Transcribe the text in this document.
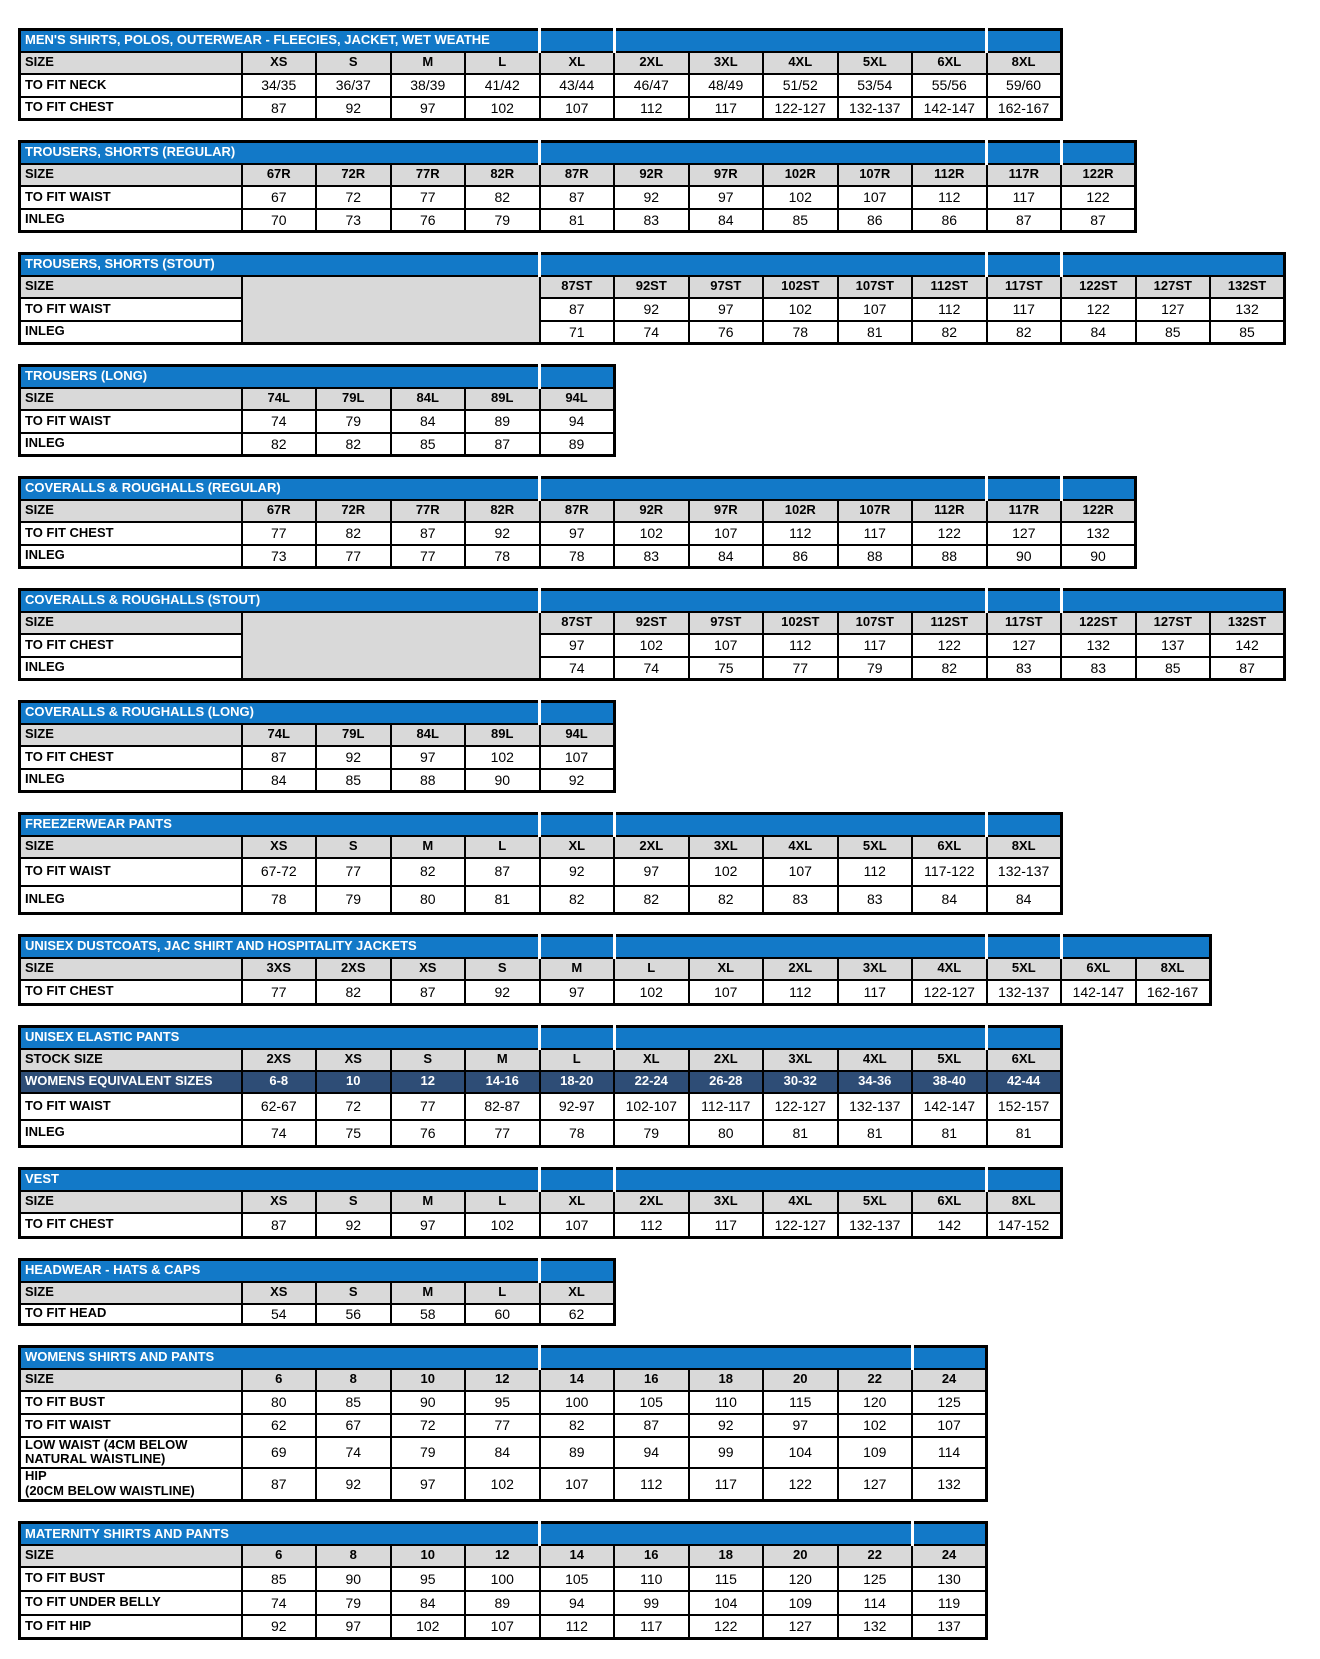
MEN'S SHIRTS, POLOS, OUTERWEAR - FLEECIES, JACKET, WET WEATHE											
SIZE	XS	S	M	L	XL	2XL	3XL	4XL	5XL	6XL	8XL
TO FIT NECK	34/35	36/37	38/39	41/42	43/44	46/47	48/49	51/52	53/54	55/56	59/60
TO FIT CHEST	87	92	97	102	107	112	117	122-127	132-137	142-147	162-167
TROUSERS, SHORTS (REGULAR)												
SIZE	67R	72R	77R	82R	87R	92R	97R	102R	107R	112R	117R	122R
TO FIT WAIST	67	72	77	82	87	92	97	102	107	112	117	122
INLEG	70	73	76	79	81	83	84	85	86	86	87	87
TROUSERS, SHORTS (STOUT)											
SIZE		87ST	92ST	97ST	102ST	107ST	112ST	117ST	122ST	127ST	132ST
TO FIT WAIST		87	92	97	102	107	112	117	122	127	132
INLEG		71	74	76	78	81	82	82	84	85	85
TROUSERS (LONG)					
SIZE	74L	79L	84L	89L	94L
TO FIT WAIST	74	79	84	89	94
INLEG	82	82	85	87	89
COVERALLS & ROUGHALLS (REGULAR)												
SIZE	67R	72R	77R	82R	87R	92R	97R	102R	107R	112R	117R	122R
TO FIT CHEST	77	82	87	92	97	102	107	112	117	122	127	132
INLEG	73	77	77	78	78	83	84	86	88	88	90	90
COVERALLS & ROUGHALLS (STOUT)											
SIZE		87ST	92ST	97ST	102ST	107ST	112ST	117ST	122ST	127ST	132ST
TO FIT CHEST		97	102	107	112	117	122	127	132	137	142
INLEG		74	74	75	77	79	82	83	83	85	87
COVERALLS & ROUGHALLS (LONG)					
SIZE	74L	79L	84L	89L	94L
TO FIT CHEST	87	92	97	102	107
INLEG	84	85	88	90	92
FREEZERWEAR PANTS											
SIZE	XS	S	M	L	XL	2XL	3XL	4XL	5XL	6XL	8XL
TO FIT WAIST	67-72	77	82	87	92	97	102	107	112	117-122	132-137
INLEG	78	79	80	81	82	82	82	83	83	84	84
UNISEX DUSTCOATS, JAC SHIRT AND HOSPITALITY JACKETS													
SIZE	3XS	2XS	XS	S	M	L	XL	2XL	3XL	4XL	5XL	6XL	8XL
TO FIT CHEST	77	82	87	92	97	102	107	112	117	122-127	132-137	142-147	162-167
UNISEX ELASTIC PANTS											
STOCK SIZE	2XS	XS	S	M	L	XL	2XL	3XL	4XL	5XL	6XL
WOMENS EQUIVALENT SIZES	6-8	10	12	14-16	18-20	22-24	26-28	30-32	34-36	38-40	42-44
TO FIT WAIST	62-67	72	77	82-87	92-97	102-107	112-117	122-127	132-137	142-147	152-157
INLEG	74	75	76	77	78	79	80	81	81	81	81
VEST											
SIZE	XS	S	M	L	XL	2XL	3XL	4XL	5XL	6XL	8XL
TO FIT CHEST	87	92	97	102	107	112	117	122-127	132-137	142	147-152
HEADWEAR - HATS & CAPS					
SIZE	XS	S	M	L	XL
TO FIT HEAD	54	56	58	60	62
WOMENS SHIRTS AND PANTS										
SIZE	6	8	10	12	14	16	18	20	22	24
TO FIT BUST	80	85	90	95	100	105	110	115	120	125
TO FIT WAIST	62	67	72	77	82	87	92	97	102	107
LOW WAIST (4CM BELOW
NATURAL WAISTLINE)	69	74	79	84	89	94	99	104	109	114
HIP
(20CM BELOW WAISTLINE)	87	92	97	102	107	112	117	122	127	132
MATERNITY SHIRTS AND PANTS										
SIZE	6	8	10	12	14	16	18	20	22	24
TO FIT BUST	85	90	95	100	105	110	115	120	125	130
TO FIT UNDER BELLY	74	79	84	89	94	99	104	109	114	119
TO FIT HIP	92	97	102	107	112	117	122	127	132	137
